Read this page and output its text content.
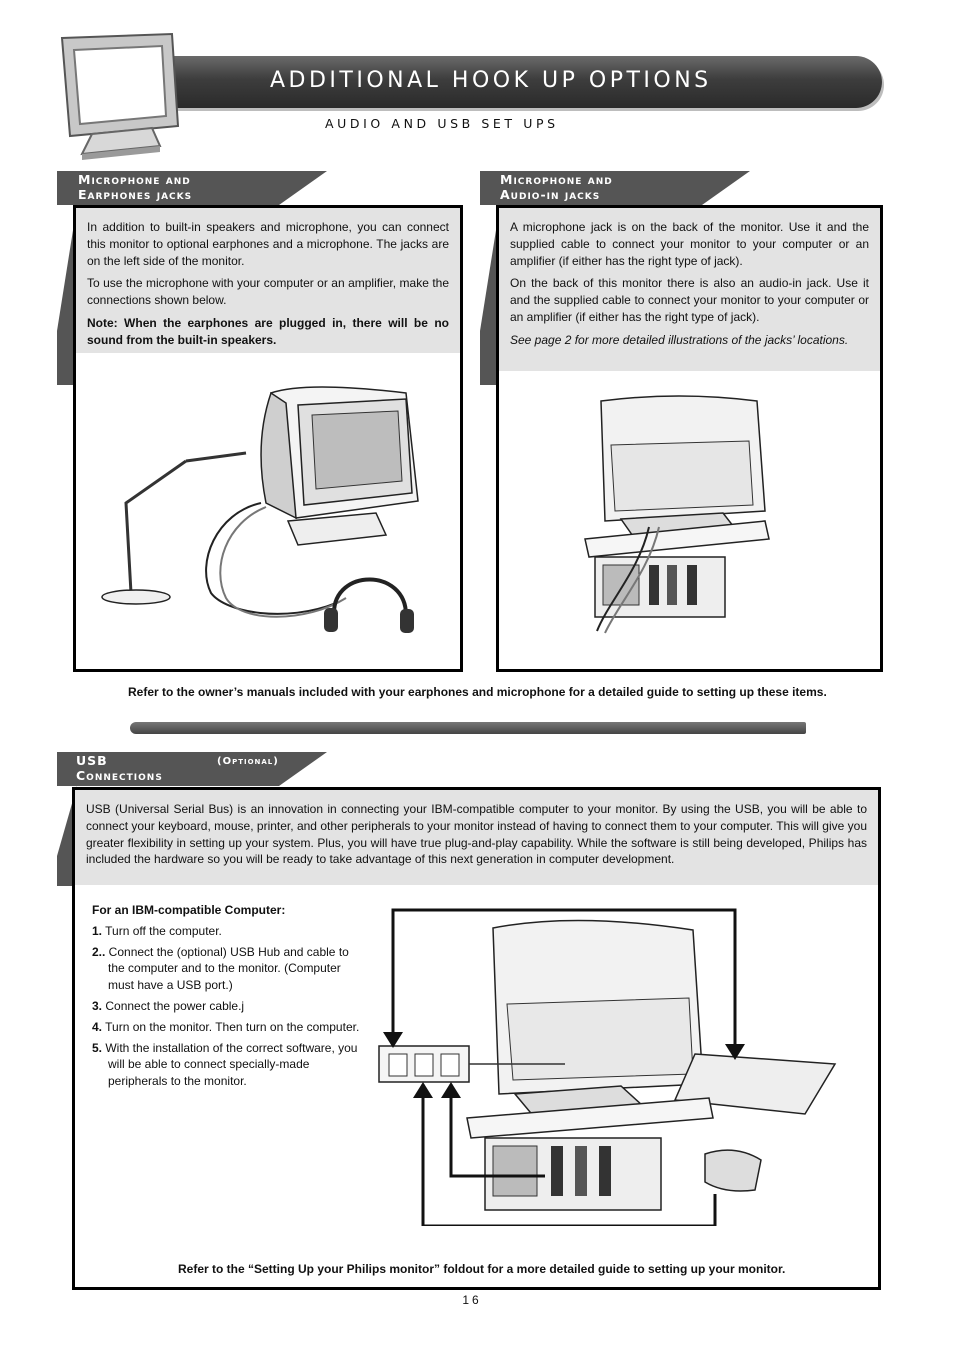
ADDITIONAL HOOK UP OPTIONS
AUDIO AND USB SET UPS
Microphone and
Earphones jacks

In addition to built-in speakers and microphone, you can connect this monitor to optional earphones and a microphone. The jacks are on the left side of the monitor.

To use the microphone with your computer or an amplifier, make the connections shown below.

Note: When the earphones are plugged in, there will be no sound from the built-in speakers.

Microphone and
Audio-in jacks

A microphone jack is on the back of the monitor. Use it and the supplied cable to connect your monitor to your computer or an amplifier (if either has the right type of jack).

On the back of this monitor there is also an audio-in jack. Use it and the supplied cable to connect your monitor to your computer or an amplifier (if either has the right type of jack).

See page 2 for more detailed illustrations of the jacks’ locations.

Refer to the owner’s manuals included with your earphones and microphone for a detailed guide to setting up these items.
USB	(Optional)
Connections

USB (Universal Serial Bus) is an innovation in connecting your IBM-compatible computer to your monitor. By using the USB, you will be able to connect your keyboard, mouse, printer, and other peripherals to your monitor instead of having to connect them to your computer. This will give you greater flexibility in setting up your system. Plus, you will have true plug-and-play capability. While the software is still being developed, Philips has included the hardware so you will be ready to take advantage of this next generation in computer development.

Refer to the “Setting Up your Philips monitor” foldout for a more detailed guide to setting up your monitor.
For an IBM-compatible Computer:
1. Turn off the computer.
2.. Connect the (optional) USB Hub and cable to the computer and to the monitor. (Computer must have a USB port.)
3. Connect the power cable.j
4. Turn on the monitor. Then turn on the computer.
5. With the installation of the correct software, you will be able to connect specially-made peripherals to the monitor.
16
